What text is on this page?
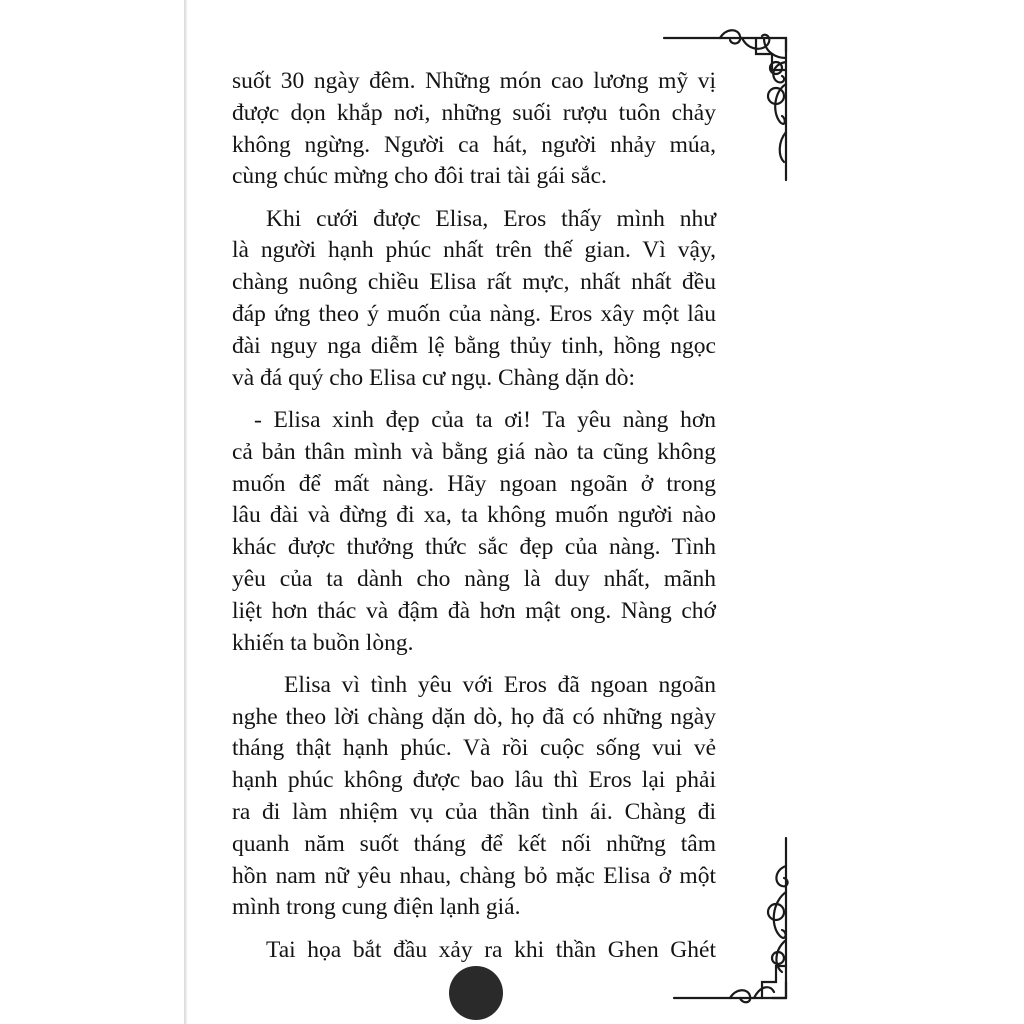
suốt 30 ngày đêm. Những món cao lương mỹ vị
được dọn khắp nơi, những suối rượu tuôn chảy
không ngừng. Người ca hát, người nhảy múa,
cùng chúc mừng cho đôi trai tài gái sắc.
Khi cưới được Elisa, Eros thấy mình như
là người hạnh phúc nhất trên thế gian. Vì vậy,
chàng nuông chiều Elisa rất mực, nhất nhất đều
đáp ứng theo ý muốn của nàng. Eros xây một lâu
đài nguy nga diễm lệ bằng thủy tinh, hồng ngọc
và đá quý cho Elisa cư ngụ. Chàng dặn dò:
- Elisa xinh đẹp của ta ơi! Ta yêu nàng hơn
cả bản thân mình và bằng giá nào ta cũng không
muốn để mất nàng. Hãy ngoan ngoãn ở trong
lâu đài và đừng đi xa, ta không muốn người nào
khác được thưởng thức sắc đẹp của nàng. Tình
yêu của ta dành cho nàng là duy nhất, mãnh
liệt hơn thác và đậm đà hơn mật ong. Nàng chớ
khiến ta buồn lòng.
Elisa vì tình yêu với Eros đã ngoan ngoãn
nghe theo lời chàng dặn dò, họ đã có những ngày
tháng thật hạnh phúc. Và rồi cuộc sống vui vẻ
hạnh phúc không được bao lâu thì Eros lại phải
ra đi làm nhiệm vụ của thần tình ái. Chàng đi
quanh năm suốt tháng để kết nối những tâm
hồn nam nữ yêu nhau, chàng bỏ mặc Elisa ở một
mình trong cung điện lạnh giá.
Tai họa bắt đầu xảy ra khi thần Ghen Ghét
